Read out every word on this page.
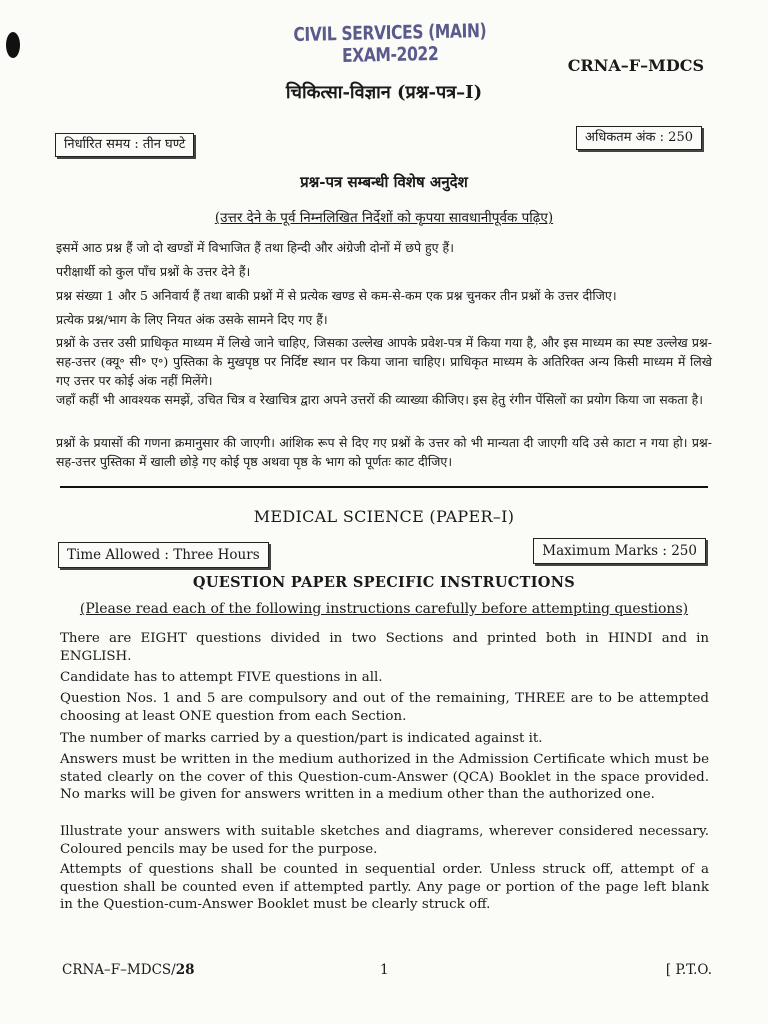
CIVIL SERVICES (MAIN) EXAM-2022	CRNA–F–MDCS
चिकित्सा-विज्ञान (प्रश्न-पत्र–I)
निर्धारित समय : तीन घण्टे	अधिकतम अंक : 250
प्रश्न-पत्र सम्बन्धी विशेष अनुदेश
(उत्तर देने के पूर्व निम्नलिखित निर्देशों को कृपया सावधानीपूर्वक पढ़िए)
इसमें आठ प्रश्न हैं जो दो खण्डों में विभाजित हैं तथा हिन्दी और अंग्रेजी दोनों में छपे हुए हैं।
परीक्षार्थी को कुल पाँच प्रश्नों के उत्तर देने हैं।
प्रश्न संख्या 1 और 5 अनिवार्य हैं तथा बाकी प्रश्नों में से प्रत्येक खण्ड से कम-से-कम एक प्रश्न चुनकर तीन प्रश्नों के उत्तर दीजिए।
प्रत्येक प्रश्न/भाग के लिए नियत अंक उसके सामने दिए गए हैं।
प्रश्नों के उत्तर उसी प्राधिकृत माध्यम में लिखे जाने चाहिए, जिसका उल्लेख आपके प्रवेश-पत्र में किया गया है, और इस माध्यम का स्पष्ट उल्लेख प्रश्न-सह-उत्तर (क्यू॰ सी॰ ए॰) पुस्तिका के मुखपृष्ठ पर निर्दिष्ट स्थान पर किया जाना चाहिए। प्राधिकृत माध्यम के अतिरिक्त अन्य किसी माध्यम में लिखे गए उत्तर पर कोई अंक नहीं मिलेंगे।
जहाँ कहीं भी आवश्यक समझें, उचित चित्र व रेखाचित्र द्वारा अपने उत्तरों की व्याख्या कीजिए। इस हेतु रंगीन पेंसिलों का प्रयोग किया जा सकता है।
प्रश्नों के प्रयासों की गणना क्रमानुसार की जाएगी। आंशिक रूप से दिए गए प्रश्नों के उत्तर को भी मान्यता दी जाएगी यदि उसे काटा न गया हो। प्रश्न-सह-उत्तर पुस्तिका में खाली छोड़े गए कोई पृष्ठ अथवा पृष्ठ के भाग को पूर्णतः काट दीजिए।
MEDICAL SCIENCE (PAPER–I)
Time Allowed : Three Hours	Maximum Marks : 250
QUESTION PAPER SPECIFIC INSTRUCTIONS
(Please read each of the following instructions carefully before attempting questions)
There are EIGHT questions divided in two Sections and printed both in HINDI and in ENGLISH.
Candidate has to attempt FIVE questions in all.
Question Nos. 1 and 5 are compulsory and out of the remaining, THREE are to be attempted choosing at least ONE question from each Section.
The number of marks carried by a question/part is indicated against it.
Answers must be written in the medium authorized in the Admission Certificate which must be stated clearly on the cover of this Question-cum-Answer (QCA) Booklet in the space provided. No marks will be given for answers written in a medium other than the authorized one.
Illustrate your answers with suitable sketches and diagrams, wherever considered necessary. Coloured pencils may be used for the purpose.
Attempts of questions shall be counted in sequential order. Unless struck off, attempt of a question shall be counted even if attempted partly. Any page or portion of the page left blank in the Question-cum-Answer Booklet must be clearly struck off.
CRNA–F–MDCS/28	1	[ P.T.O.
